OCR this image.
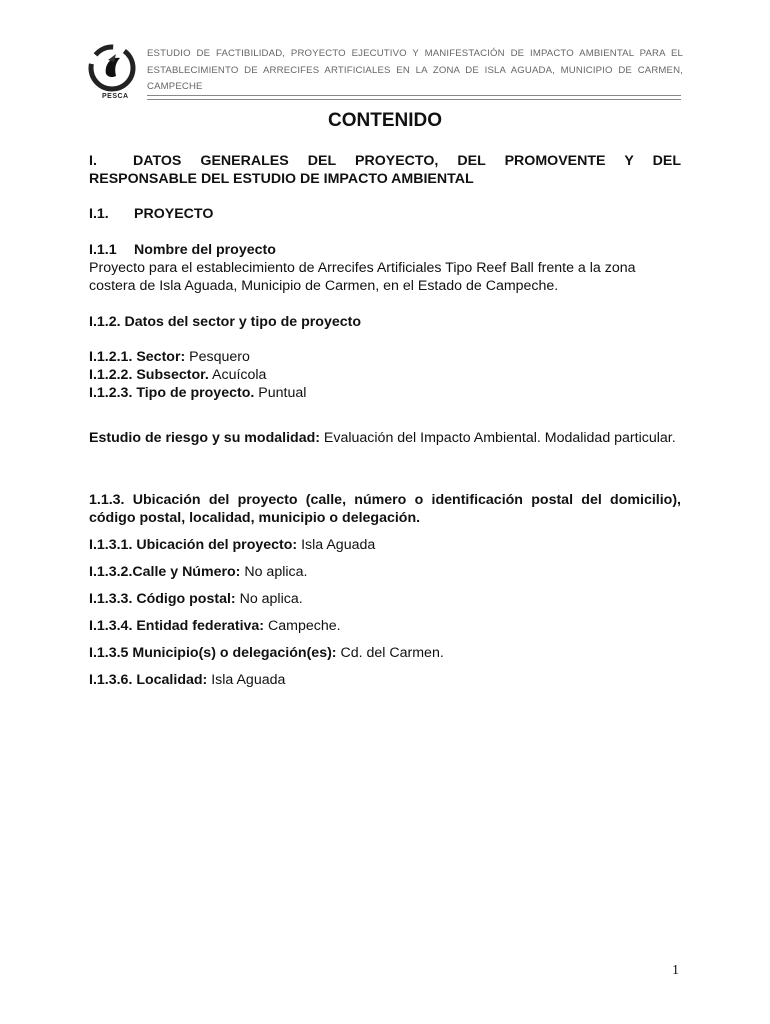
PESCA
ESTUDIO DE FACTIBILIDAD, PROYECTO EJECUTIVO Y MANIFESTACIÓN DE IMPACTO AMBIENTAL PARA EL ESTABLECIMIENTO DE ARRECIFES ARTIFICIALES EN LA ZONA DE ISLA AGUADA, MUNICIPIO DE CARMEN, CAMPECHE
CONTENIDO
I.	DATOS GENERALES DEL PROYECTO, DEL PROMOVENTE Y DEL
RESPONSABLE DEL ESTUDIO DE IMPACTO AMBIENTAL
I.1. PROYECTO
I.1.1 Nombre del proyecto
Proyecto para el establecimiento de Arrecifes Artificiales Tipo Reef Ball frente a la zona costera de Isla Aguada, Municipio de Carmen, en el Estado de Campeche.
I.1.2. Datos del sector y tipo de proyecto
I.1.2.1. Sector: Pesquero
I.1.2.2. Subsector. Acuícola
I.1.2.3. Tipo de proyecto. Puntual
Estudio de riesgo y su modalidad: Evaluación del Impacto Ambiental. Modalidad particular.
1.1.3. Ubicación del proyecto (calle, número o identificación postal del domicilio), código postal, localidad, municipio o delegación.
I.1.3.1. Ubicación del proyecto: Isla Aguada
I.1.3.2.Calle y Número: No aplica.
I.1.3.3. Código postal: No aplica.
I.1.3.4. Entidad federativa: Campeche.
I.1.3.5 Municipio(s) o delegación(es): Cd. del Carmen.
I.1.3.6. Localidad: Isla Aguada
1
